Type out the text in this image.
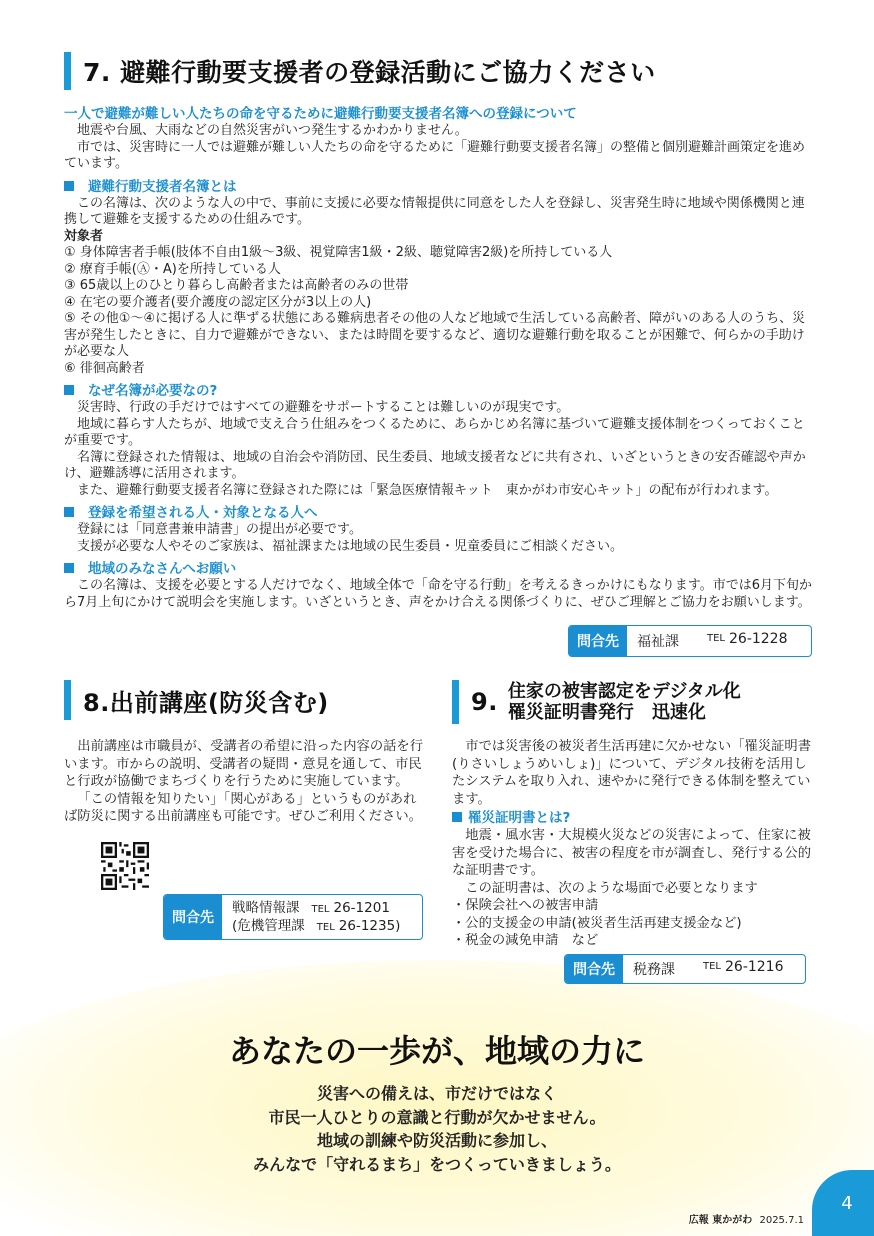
7. 避難行動要支援者の登録活動にご協力ください
一人で避難が難しい人たちの命を守るために避難行動要支援者名簿への登録について

地震や台風、大雨などの自然災害がいつ発生するかわかりません。

市では、災害時に一人では避難が難しい人たちの命を守るために「避難行動要支援者名簿」の整備と個別避難計画策定を進めています。

避難行動支援者名簿とは

この名簿は、次のような人の中で、事前に支援に必要な情報提供に同意をした人を登録し、災害発生時に地域や関係機関と連携して避難を支援するための仕組みです。

対象者

① 身体障害者手帳(肢体不自由1級～3級、視覚障害1級・2級、聴覚障害2級)を所持している人

② 療育手帳(Ⓐ・A)を所持している人

③ 65歳以上のひとり暮らし高齢者または高齢者のみの世帯

④ 在宅の要介護者(要介護度の認定区分が3以上の人)

⑤ その他①～④に掲げる人に準ずる状態にある難病患者その他の人など地域で生活している高齢者、障がいのある人のうち、災害が発生したときに、自力で避難ができない、または時間を要するなど、適切な避難行動を取ることが困難で、何らかの手助けが必要な人

⑥ 徘徊高齢者

なぜ名簿が必要なの?

災害時、行政の手だけではすべての避難をサポートすることは難しいのが現実です。

地域に暮らす人たちが、地域で支え合う仕組みをつくるために、あらかじめ名簿に基づいて避難支援体制をつくっておくことが重要です。

名簿に登録された情報は、地域の自治会や消防団、民生委員、地域支援者などに共有され、いざというときの安否確認や声かけ、避難誘導に活用されます。

また、避難行動要支援者名簿に登録された際には「緊急医療情報キット　東かがわ市安心キット」の配布が行われます。

登録を希望される人・対象となる人へ

登録には「同意書兼申請書」の提出が必要です。

支援が必要な人やそのご家族は、福祉課または地域の民生委員・児童委員にご相談ください。

地域のみなさんへお願い

この名簿は、支援を必要とする人だけでなく、地域全体で「命を守る行動」を考えるきっかけにもなります。市では6月下旬から7月上旬にかけて説明会を実施します。いざというとき、声をかけ合える関係づくりに、ぜひご理解とご協力をお願いします。

問合先	福祉課	TEL 26-1228
8.出前講座(防災含む)

出前講座は市職員が、受講者の希望に沿った内容の話を行います。市からの説明、受講者の疑問・意見を通して、市民と行政が協働でまちづくりを行うために実施しています。

「この情報を知りたい」「関心がある」というものがあれば防災に関する出前講座も可能です。ぜひご利用ください。

問合先
戦略情報課 TEL 26-1201
(危機管理課 TEL 26-1235)
9. 住家の被害認定をデジタル化
罹災証明書発行　迅速化

市では災害後の被災者生活再建に欠かせない「罹災証明書(りさいしょうめいしょ)」について、デジタル技術を活用したシステムを取り入れ、速やかに発行できる体制を整えています。

罹災証明書とは?

地震・風水害・大規模火災などの災害によって、住家に被害を受けた場合に、被害の程度を市が調査し、発行する公的な証明書です。

この証明書は、次のような場面で必要となります

・保険会社への被害申請

・公的支援金の申請(被災者生活再建支援金など)

・税金の減免申請　など

問合先	税務課	TEL 26-1216
あなたの一歩が、地域の力に
災害への備えは、市だけではなく
市民一人ひとりの意識と行動が欠かせません。
地域の訓練や防災活動に参加し、
みんなで「守れるまち」をつくっていきましょう。
広報 東かがわ 2025.7.1
4
